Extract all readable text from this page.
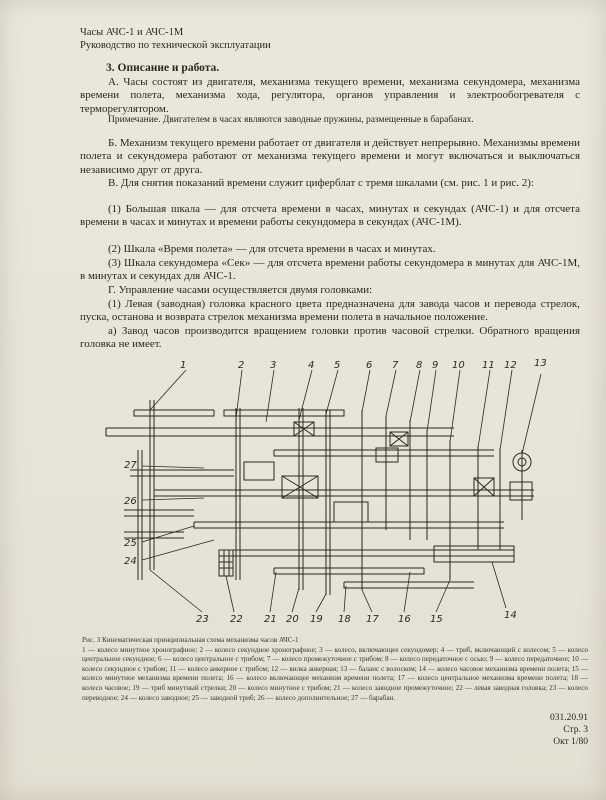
Часы АЧС-1 и АЧС-1М
Руководство по технической эксплуатации
3. Описание и работа.
А. Часы состоят из двигателя, механизма текущего времени, механизма секундомера, механизма времени полета, механизма хода, регулятора, органов управления и электрообогревателя с терморегулятором.
Примечание. Двигателем в часах являются заводные пружины, размещенные в барабанах.
Б. Механизм текущего времени работает от двигателя и действует непрерывно. Механизмы времени полета и секундомера работают от механизма текущего времени и могут включаться и выключаться независимо друг от друга.
В. Для снятия показаний времени служит циферблат с тремя шкалами (см. рис. 1 и рис. 2):
(1) Большая шкала — для отсчета времени в часах, минутах и секундах (АЧС-1) и для отсчета времени в часах и минутах и времени работы секундомера в секундах (АЧС-1М).
(2) Шкала «Время полета» — для отсчета времени в часах и минутах.
(3) Шкала секундомера «Сек» — для отсчета времени работы секундомера в минутах для АЧС-1М, в минутах и секундах для АЧС-1.
Г. Управление часами осуществляется двумя головками:
(1) Левая (заводная) головка красного цвета предназначена для завода часов и перевода стрелок, пуска, останова и возврата стрелок механизма времени полета в начальное положение.
а) Завод часов производится вращением головки против часовой стрелки. Обратного вращения головка не имеет.
1	2	3	4 5	6 7 8 9 10 11 12 13
27
26
25
24
23 22 21 20 19 18 17 16 15	14
Рис. 3 Кинематическая принципиальная схема механизма часов АЧС-1
1 — колесо минутное хронографное; 2 — колесо секундное хронографное; 3 — колесо, включающее секундомер; 4 — триб, включающий с колесом; 5 — колесо центральное секундное; 6 — колесо центральное с трибом; 7 — колесо промежуточное с трибом; 8 — колесо передаточное с осью; 9 — колесо передаточное; 10 — колесо секундное с трибом; 11 — колесо анкерное с трибом; 12 — вилка анкерная; 13 — баланс с волоском; 14 — колесо часовое механизма времени полета; 15 — колесо минутное механизма времени полета; 16 — колесо включающее механизм времени полета; 17 — колесо центральное механизма времени полета; 18 — колесо часовое; 19 — триб минутный стрелки; 20 — колесо минутное с трибом; 21 — колесо заводное промежуточное; 22 — левая заводная головка; 23 — колесо переводное; 24 — колесо заводное; 25 — заводной триб; 26 — колесо дополнительное; 27 — барабан.
031.20.91
Стр. 3
Окт 1/80
